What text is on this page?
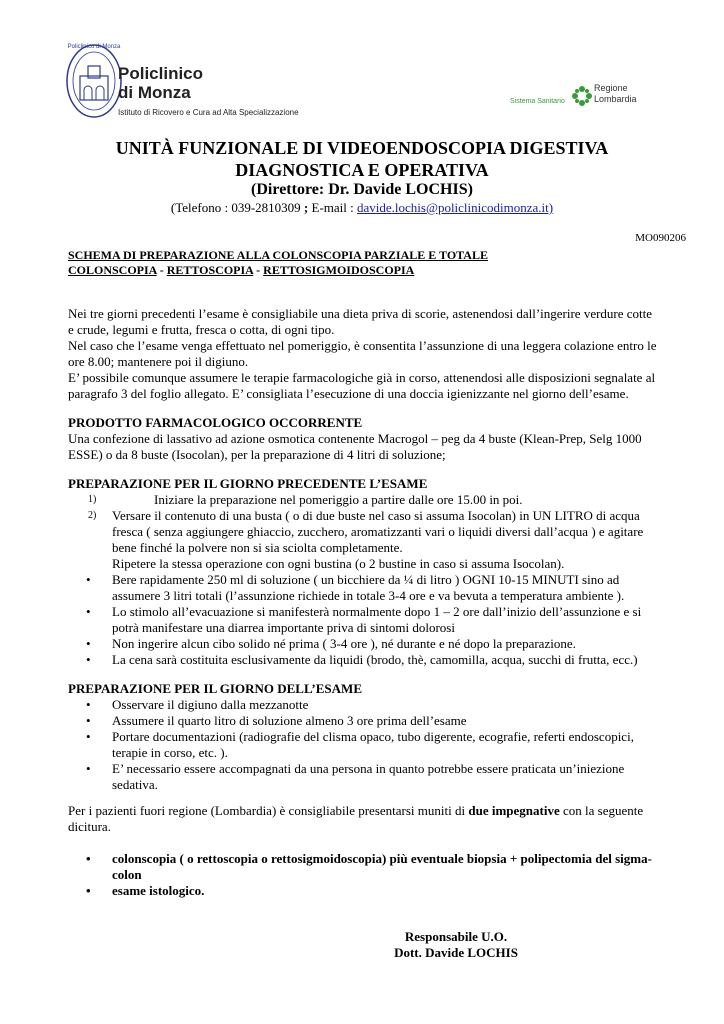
Policlinico di Monza
Policlinico
di Monza
Istituto di Ricovero e Cura ad Alta Specializzazione
Sistema Sanitario
Regione
Lombardia
UNITÀ FUNZIONALE DI VIDEOENDOSCOPIA DIGESTIVA
DIAGNOSTICA E OPERATIVA
(Direttore: Dr. Davide LOCHIS)
(Telefono : 039-2810309 ; E-mail : davide.lochis@policlinicodimonza.it)
MO090206
SCHEMA DI PREPARAZIONE ALLA COLONSCOPIA PARZIALE E TOTALE
COLONSCOPIA - RETTOSCOPIA - RETTOSIGMOIDOSCOPIA
Nei tre giorni precedenti l’esame è consigliabile una dieta priva di scorie, astenendosi dall’ingerire verdure cotte
e crude, legumi e frutta, fresca o cotta, di ogni tipo.
Nel caso che l’esame venga effettuato nel pomeriggio, è consentita l’assunzione di una leggera colazione entro le
ore 8.00; mantenere poi il digiuno.
E’ possibile comunque assumere le terapie farmacologiche già in corso, attenendosi alle disposizioni segnalate al
paragrafo 3 del foglio allegato. E’ consigliata l’esecuzione di una doccia igienizzante nel giorno dell’esame.
PRODOTTO FARMACOLOGICO OCCORRENTE
Una confezione di lassativo ad azione osmotica contenente Macrogol – peg da 4 buste (Klean-Prep, Selg 1000
ESSE) o da 8 buste (Isocolan), per la preparazione di 4 litri di soluzione;
PREPARAZIONE PER IL GIORNO PRECEDENTE L’ESAME
1)	Iniziare la preparazione nel pomeriggio a partire dalle ore 15.00 in poi.
2) Versare il contenuto di una busta ( o di due buste nel caso si assuma Isocolan) in UN LITRO di acqua
fresca ( senza aggiungere ghiaccio, zucchero, aromatizzanti vari o liquidi diversi dall’acqua ) e agitare
bene finché la polvere non si sia sciolta completamente.
Ripetere la stessa operazione con ogni bustina (o 2 bustine in caso si assuma Isocolan).
• Bere rapidamente 250 ml di soluzione ( un bicchiere da ¼ di litro ) OGNI 10-15 MINUTI sino ad
assumere 3 litri totali (l’assunzione richiede in totale 3-4 ore e va bevuta a temperatura ambiente ).
• Lo stimolo all’evacuazione si manifesterà normalmente dopo 1 – 2 ore dall’inizio dell’assunzione e si
potrà manifestare una diarrea importante priva di sintomi dolorosi
• Non ingerire alcun cibo solido né prima ( 3-4 ore ), né durante e né dopo la preparazione.
• La cena sarà costituita esclusivamente da liquidi (brodo, thè, camomilla, acqua, succhi di frutta, ecc.)
PREPARAZIONE PER IL GIORNO DELL’ESAME
• Osservare il digiuno dalla mezzanotte
• Assumere il quarto litro di soluzione almeno 3 ore prima dell’esame
• Portare documentazioni (radiografie del clisma opaco, tubo digerente, ecografie, referti endoscopici,
terapie in corso, etc. ).
• E’ necessario essere accompagnati da una persona in quanto potrebbe essere praticata un’iniezione
sedativa.
Per i pazienti fuori regione (Lombardia) è consigliabile presentarsi muniti di due impegnative con la seguente
dicitura.
• colonscopia ( o rettoscopia o rettosigmoidoscopia) più eventuale biopsia + polipectomia del sigma-
colon
• esame istologico.
Responsabile U.O.
Dott. Davide LOCHIS
